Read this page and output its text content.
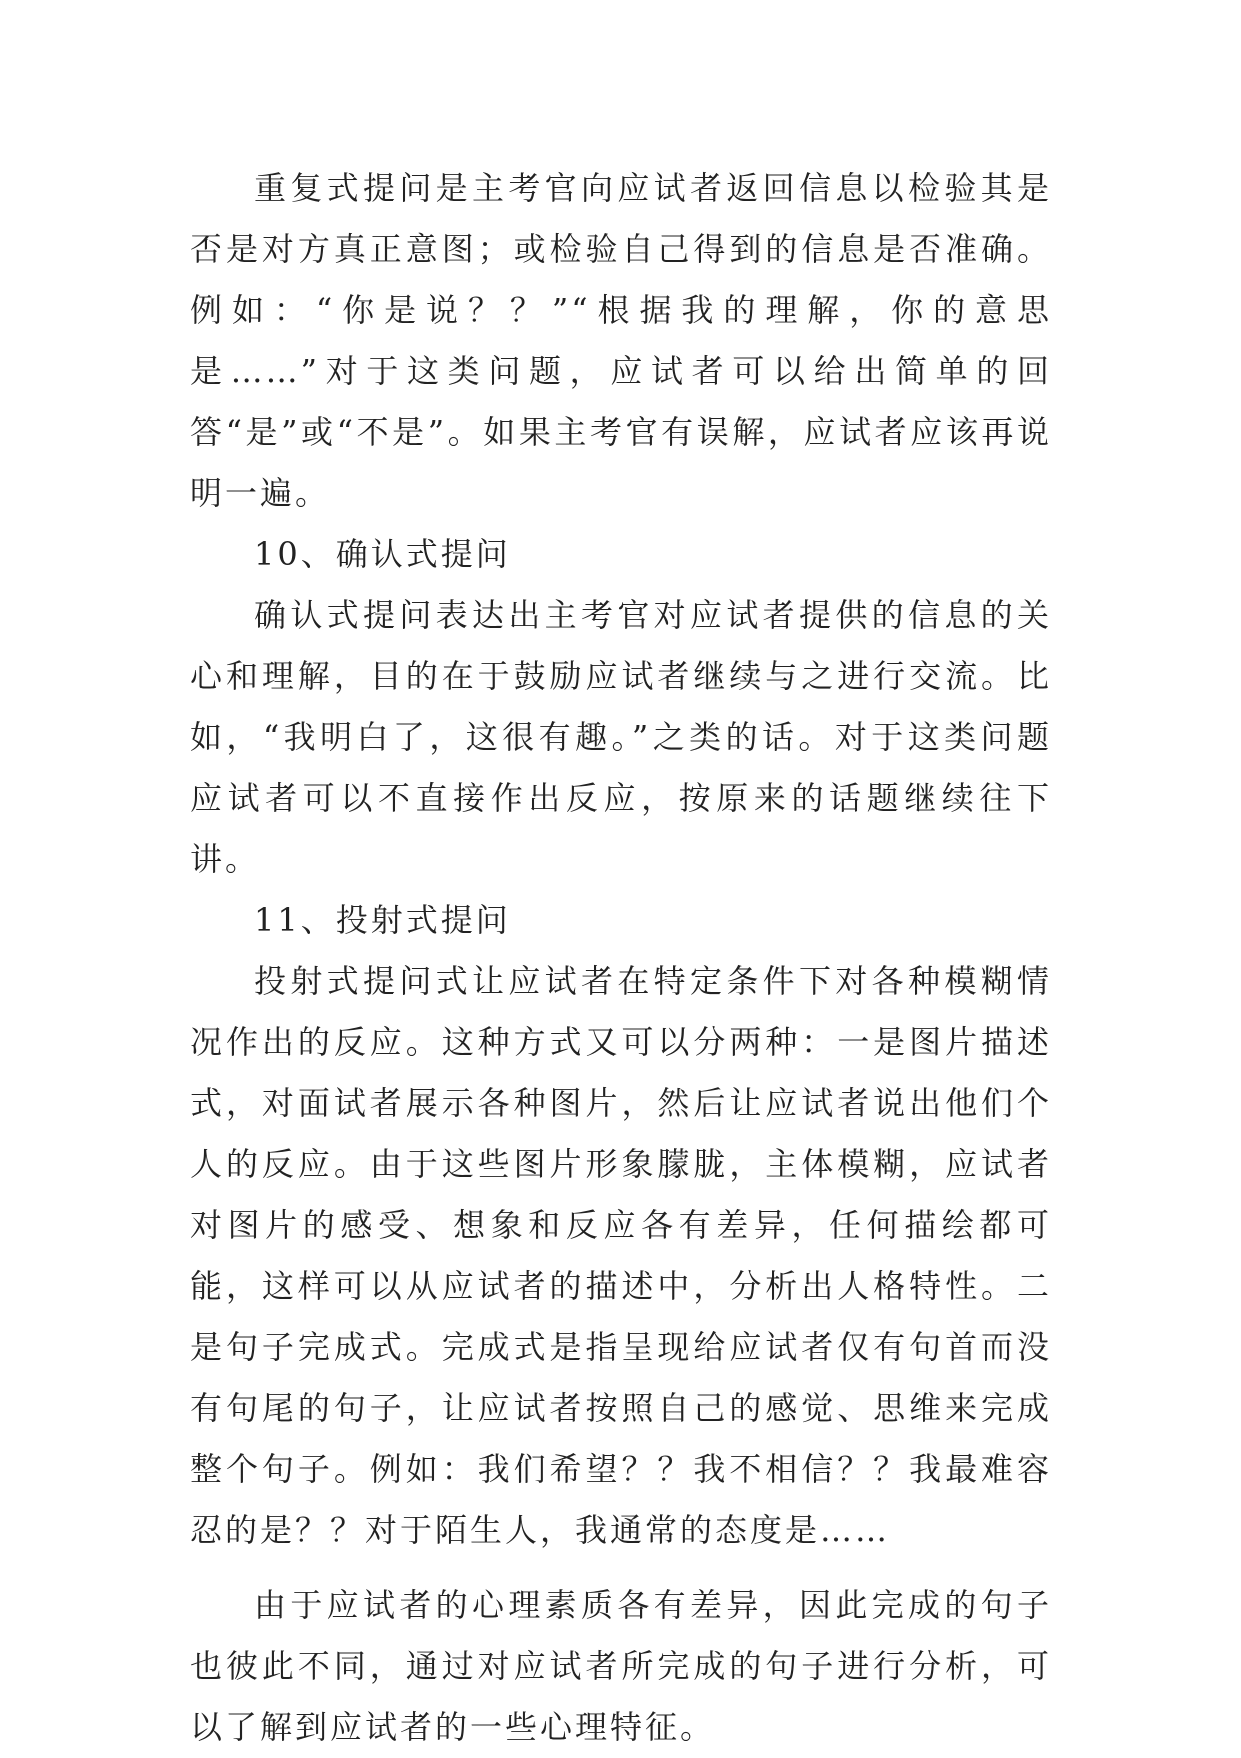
重复式提问是主考官向应试者返回信息以检验其是否是对方真正意图；或检验自己得到的信息是否准确。例如：“你是说？？”“根据我的理解，你的意思是……”对于这类问题，应试者可以给出简单的回答“是”或“不是”。如果主考官有误解，应试者应该再说明一遍。

10、确认式提问

确认式提问表达出主考官对应试者提供的信息的关心和理解，目的在于鼓励应试者继续与之进行交流。比如，“我明白了，这很有趣。”之类的话。对于这类问题应试者可以不直接作出反应，按原来的话题继续往下讲。

11、投射式提问

投射式提问式让应试者在特定条件下对各种模糊情况作出的反应。这种方式又可以分两种：一是图片描述式，对面试者展示各种图片，然后让应试者说出他们个人的反应。由于这些图片形象朦胧，主体模糊，应试者对图片的感受、想象和反应各有差异，任何描绘都可能，这样可以从应试者的描述中，分析出人格特性。二是句子完成式。完成式是指呈现给应试者仅有句首而没有句尾的句子，让应试者按照自己的感觉、思维来完成整个句子。例如：我们希望？？我不相信？？我最难容忍的是？？对于陌生人，我通常的态度是……

由于应试者的心理素质各有差异，因此完成的句子也彼此不同，通过对应试者所完成的句子进行分析，可以了解到应试者的一些心理特征。
